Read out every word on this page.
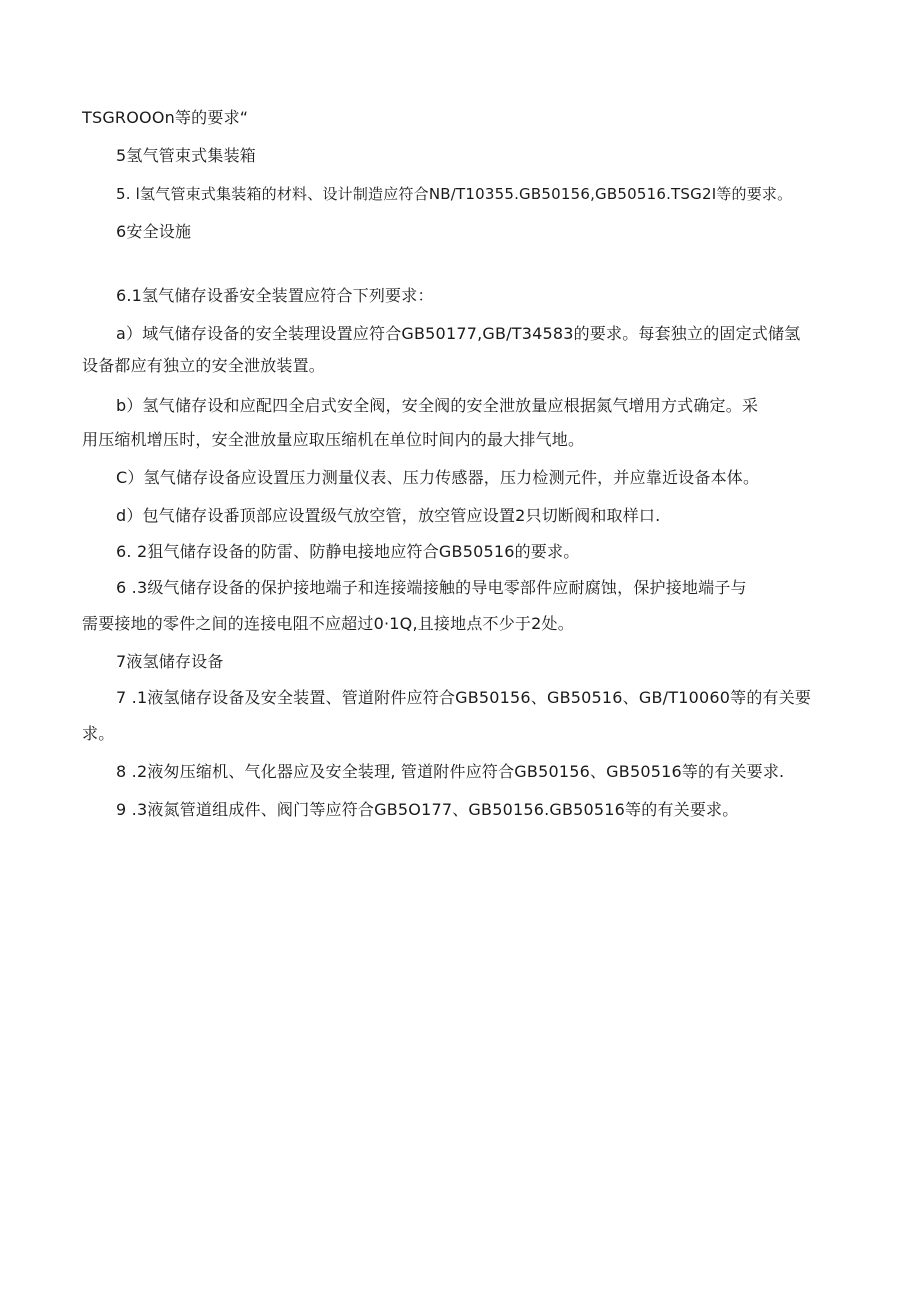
TSGROOOn等的要求“
5氢气管束式集装箱
5. l氢气管束式集装箱的材料、设计制造应符合NB/T10355.GB50156,GB50516.TSG2I等的要求。
6安全设施
6.1氢气储存设番安全装置应符合下列要求：
a）域气储存设备的安全装理设置应符合GB50177,GB/T34583的要求。每套独立的固定式储氢
设备都应有独立的安全泄放装置。
b）氢气储存设和应配四全启式安全阀，安全阀的安全泄放量应根据氮气增用方式确定。采
用压缩机增压时，安全泄放量应取压缩机在单位时间内的最大排气地。
C）氢气储存设备应设置压力测量仪表、压力传感器，压力检测元件，并应靠近设备本体。
d）包气储存设番顶部应设置级气放空管，放空管应设置2只切断阀和取样口.
6. 2狙气储存设备的防雷、防静电接地应符合GB50516的要求。
6 .3级气储存设备的保护接地端子和连接端接触的导电零部件应耐腐蚀，保护接地端子与
需要接地的零件之间的连接电阻不应超过0·1Q,且接地点不少于2处。
7液氢储存设备
7 .1液氢储存设备及安全装置、管道附件应符合GB50156、GB50516、GB/T10060等的有关要
求。
8 .2液匆压缩机、气化器应及安全装理, 管道附件应符合GB50156、GB50516等的有关要求.
9 .3液氮管道组成件、阀门等应符合GB5O177、GB50156.GB50516等的有关要求。
